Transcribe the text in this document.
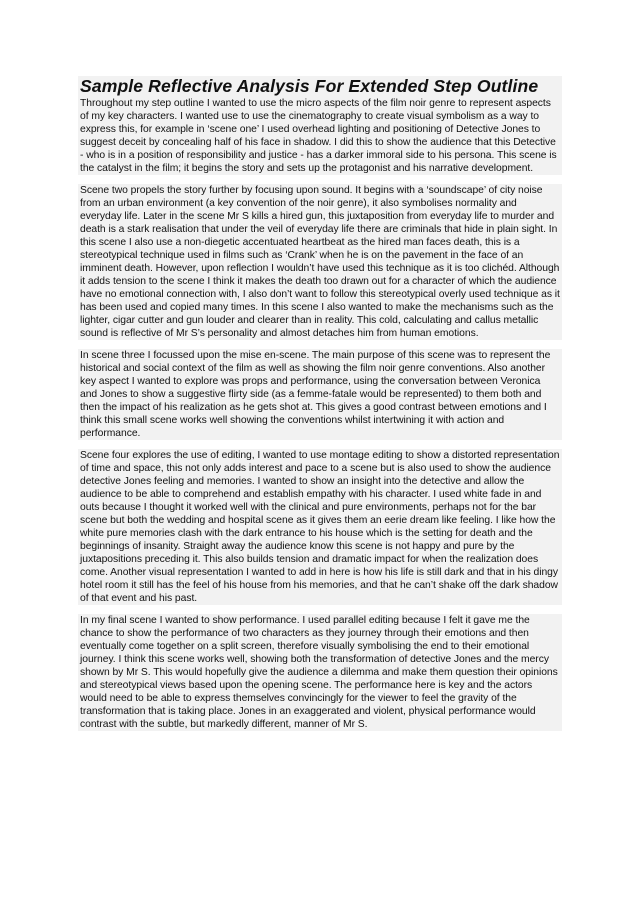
Sample Reflective Analysis For Extended Step Outline

Throughout my step outline I wanted to use the micro aspects of the film noir genre to represent aspects of my key characters. I wanted use to use the cinematography to create visual symbolism as a way to express this, for example in ‘scene one’ I used overhead lighting and positioning of Detective Jones to suggest deceit by concealing half of his face in shadow. I did this to show the audience that this Detective - who is in a position of responsibility and justice - has a darker immoral side to his persona. This scene is the catalyst in the film; it begins the story and sets up the protagonist and his narrative development.

Scene two propels the story further by focusing upon sound. It begins with a ‘soundscape’ of city noise from an urban environment (a key convention of the noir genre), it also symbolises normality and everyday life. Later in the scene Mr S kills a hired gun, this juxtaposition from everyday life to murder and death is a stark realisation that under the veil of everyday life there are criminals that hide in plain sight. In this scene I also use a non-diegetic accentuated heartbeat as the hired man faces death, this is a stereotypical technique used in films such as ‘Crank’ when he is on the pavement in the face of an imminent death. However, upon reflection I wouldn’t have used this technique as it is too clichéd. Although it adds tension to the scene I think it makes the death too drawn out for a character of which the audience have no emotional connection with, I also don’t want to follow this stereotypical overly used technique as it has been used and copied many times. In this scene I also wanted to make the mechanisms such as the lighter, cigar cutter and gun louder and clearer than in reality. This cold, calculating and callus metallic sound is reflective of Mr S’s personality and almost detaches him from human emotions.

In scene three I focussed upon the mise en-scene. The main purpose of this scene was to represent the historical and social context of the film as well as showing the film noir genre conventions. Also another key aspect I wanted to explore was props and performance, using the conversation between Veronica and Jones to show a suggestive flirty side (as a femme-fatale would be represented) to them both and then the impact of his realization as he gets shot at. This gives a good contrast between emotions and I think this small scene works well showing the conventions whilst intertwining it with action and performance.

Scene four explores the use of editing, I wanted to use montage editing to show a distorted representation of time and space, this not only adds interest and pace to a scene but is also used to show the audience detective Jones feeling and memories. I wanted to show an insight into the detective and allow the audience to be able to comprehend and establish empathy with his character. I used white fade in and outs because I thought it worked well with the clinical and pure environments, perhaps not for the bar scene but both the wedding and hospital scene as it gives them an eerie dream like feeling. I like how the white pure memories clash with the dark entrance to his house which is the setting for death and the beginnings of insanity. Straight away the audience know this scene is not happy and pure by the juxtapositions preceding it. This also builds tension and dramatic impact for when the realization does come. Another visual representation I wanted to add in here is how his life is still dark and that in his dingy hotel room it still has the feel of his house from his memories, and that he can’t shake off the dark shadow of that event and his past.

In my final scene I wanted to show performance. I used parallel editing because I felt it gave me the chance to show the performance of two characters as they journey through their emotions and then eventually come together on a split screen, therefore visually symbolising the end to their emotional journey. I think this scene works well, showing both the transformation of detective Jones and the mercy shown by Mr S. This would hopefully give the audience a dilemma and make them question their opinions and stereotypical views based upon the opening scene. The performance here is key and the actors would need to be able to express themselves convincingly for the viewer to feel the gravity of the transformation that is taking place. Jones in an exaggerated and violent, physical performance would contrast with the subtle, but markedly different, manner of Mr S.
